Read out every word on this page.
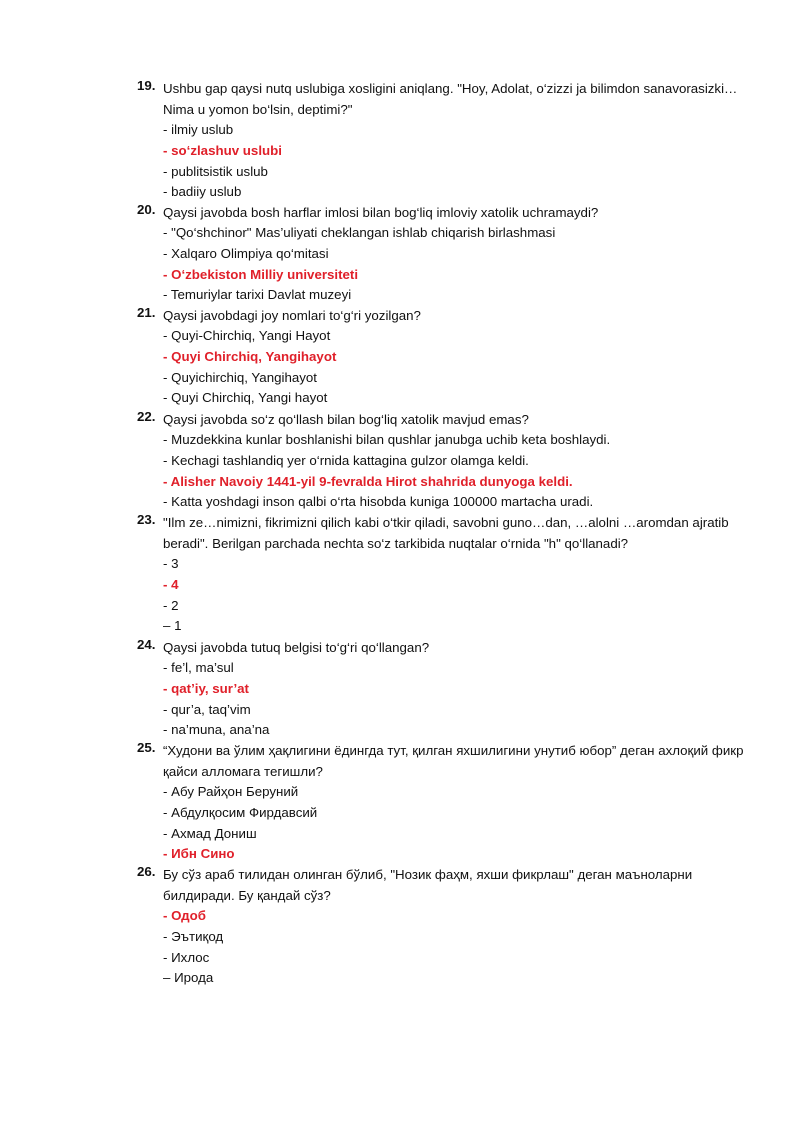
19. Ushbu gap qaysi nutq uslubiga xosligini aniqlang. "Hoy, Adolat, o‘zizzi ja bilimdon sanavorasizki… Nima u yomon bo‘lsin, deptimi?"
- ilmiy uslub
- so‘zlashuv uslubi
- publitsistik uslub
- badiiy uslub
20. Qaysi javobda bosh harflar imlosi bilan bog‘liq imloviy xatolik uchramaydi?
- "Qo‘shchinor" Mas’uliyati cheklangan ishlab chiqarish birlashmasi
- Xalqaro Olimpiya qo‘mitasi
- O‘zbekiston Milliy universiteti
- Temuriylar tarixi Davlat muzeyi
21. Qaysi javobdagi joy nomlari to‘g‘ri yozilgan?
- Quyi-Chirchiq, Yangi Hayot
- Quyi Chirchiq, Yangihayot
- Quyichirchiq, Yangihayot
- Quyi Chirchiq, Yangi hayot
22. Qaysi javobda so‘z qo‘llash bilan bog‘liq xatolik mavjud emas?
- Muzdekkina kunlar boshlanishi bilan qushlar janubga uchib keta boshlaydi.
- Kechagi tashlandiq yer o‘rnida kattagina gulzor olamga keldi.
- Alisher Navoiy 1441-yil 9-fevralda Hirot shahrida dunyoga keldi.
- Katta yoshdagi inson qalbi o‘rta hisobda kuniga 100000 martacha uradi.
23. "Ilm ze…nimizni, fikrimizni qilich kabi o‘tkir qiladi, savobni guno…dan, …alolni …aromdan ajratib beradi". Berilgan parchada nechta so‘z tarkibida nuqtalar o‘rnida "h" qo‘llanadi?
- 3
- 4
- 2
– 1
24. Qaysi javobda tutuq belgisi to‘g‘ri qo‘llangan?
- fe’l, ma’sul
- qat’iy, sur’at
- qur’a, taq’vim
- na’muna, ana’na
25. “Худони ва ўлим ҳақлигини ёдингда тут, қилган яхшилигини унутиб юбор” деган ахлоқий фикр қайси алломага тегишли?
- Абу Райҳон Беруний
- Абдулқосим Фирдавсий
- Ахмад Дониш
- Ибн Сино
26. Бу сўз араб тилидан олинган бўлиб, "Нозик фаҳм, яхши фикрлаш" деган маъноларни билдиради. Бу қандай сўз?
- Одоб
- Эътиқод
- Ихлос
– Ирода
